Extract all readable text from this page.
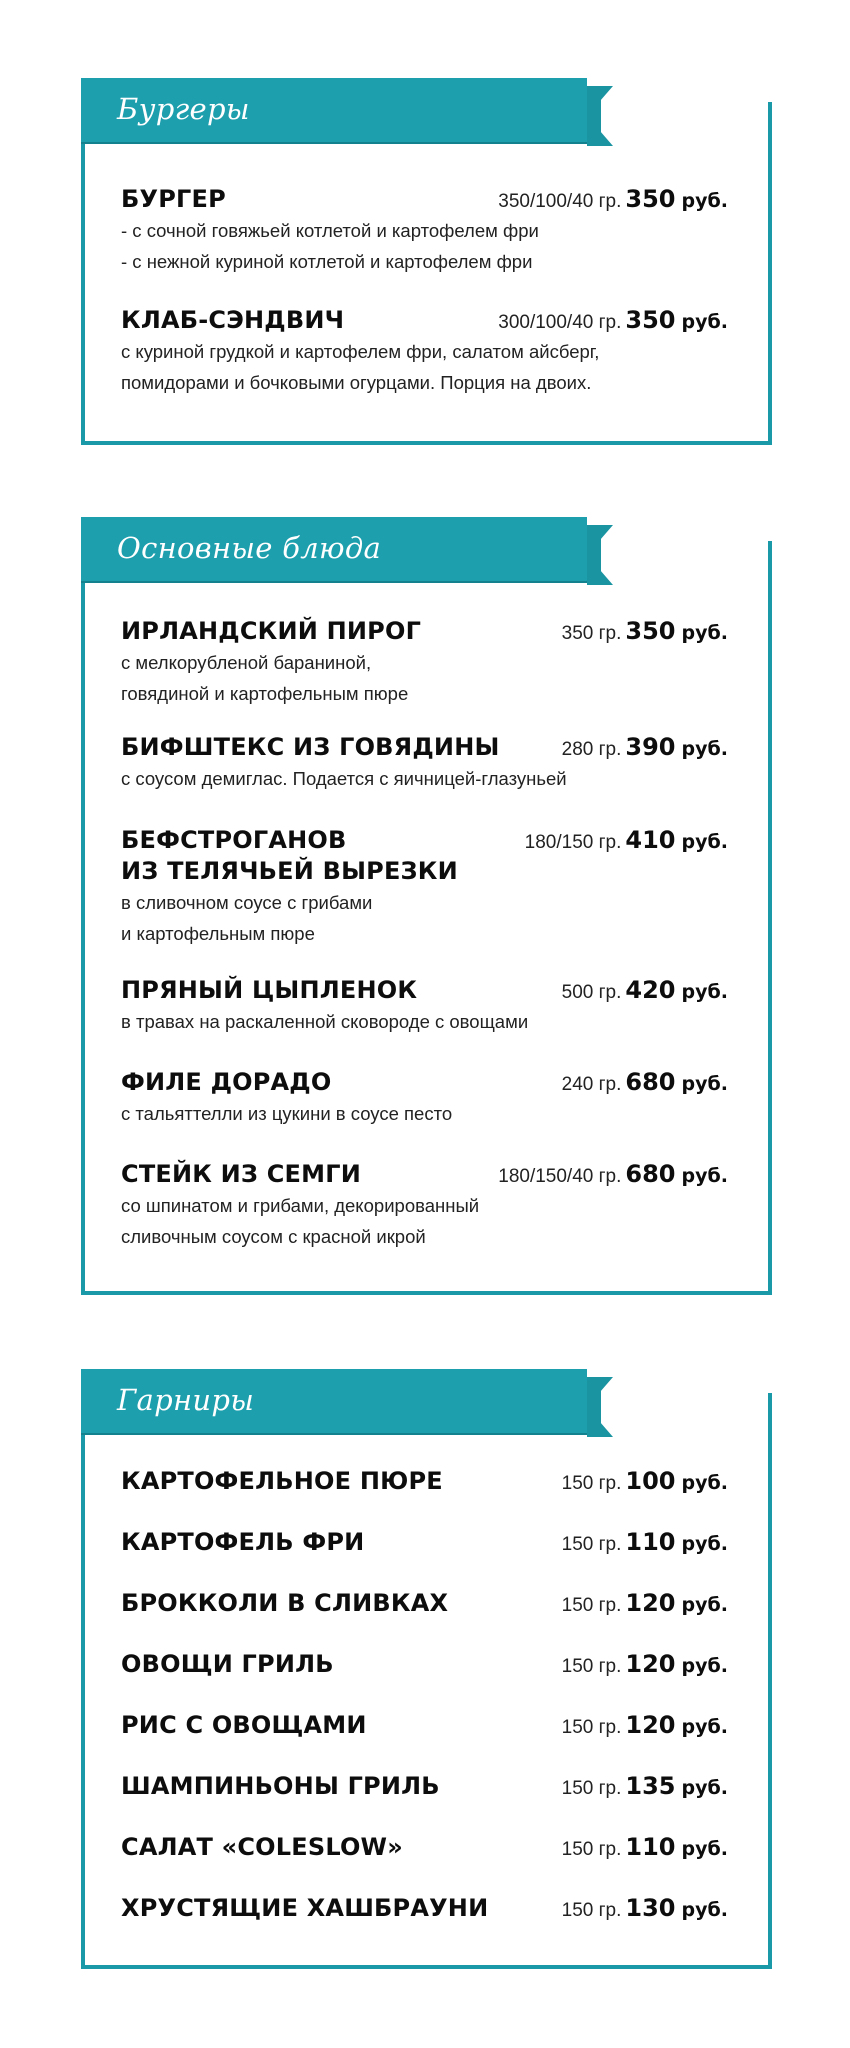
Бургеры
БУРГЕР	350/100/40 гр. 350 руб.
- с сочной говяжьей котлетой и картофелем фри
- с нежной куриной котлетой и картофелем фри
КЛАБ-СЭНДВИЧ	300/100/40 гр. 350 руб.
с куриной грудкой и картофелем фри, салатом айсберг,
помидорами и бочковыми огурцами. Порция на двоих.
Основные блюда
ИРЛАНДСКИЙ ПИРОГ	350 гр. 350 руб.
с мелкорубленой бараниной,
говядиной и картофельным пюре
БИФШТЕКС ИЗ ГОВЯДИНЫ	280 гр. 390 руб.
с соусом демиглас. Подается с яичницей-глазуньей
БЕФСТРОГАНОВ
ИЗ ТЕЛЯЧЬЕЙ ВЫРЕЗКИ
180/150 гр. 410 руб.
в сливочном соусе с грибами
и картофельным пюре
ПРЯНЫЙ ЦЫПЛЕНОК	500 гр. 420 руб.
в травах на раскаленной сковороде с овощами
ФИЛЕ ДОРАДО	240 гр. 680 руб.
с тальяттелли из цукини в соусе песто
СТЕЙК ИЗ СЕМГИ	180/150/40 гр. 680 руб.
со шпинатом и грибами, декорированный
сливочным соусом с красной икрой
Гарниры
КАРТОФЕЛЬНОЕ ПЮРЕ	150 гр. 100 руб.
КАРТОФЕЛЬ ФРИ	150 гр. 110 руб.
БРОККОЛИ В СЛИВКАХ	150 гр. 120 руб.
ОВОЩИ ГРИЛЬ	150 гр. 120 руб.
РИС С ОВОЩАМИ	150 гр. 120 руб.
ШАМПИНЬОНЫ ГРИЛЬ	150 гр. 135 руб.
САЛАТ «COLESLOW»	150 гр. 110 руб.
ХРУСТЯЩИЕ ХАШБРАУНИ	150 гр. 130 руб.
